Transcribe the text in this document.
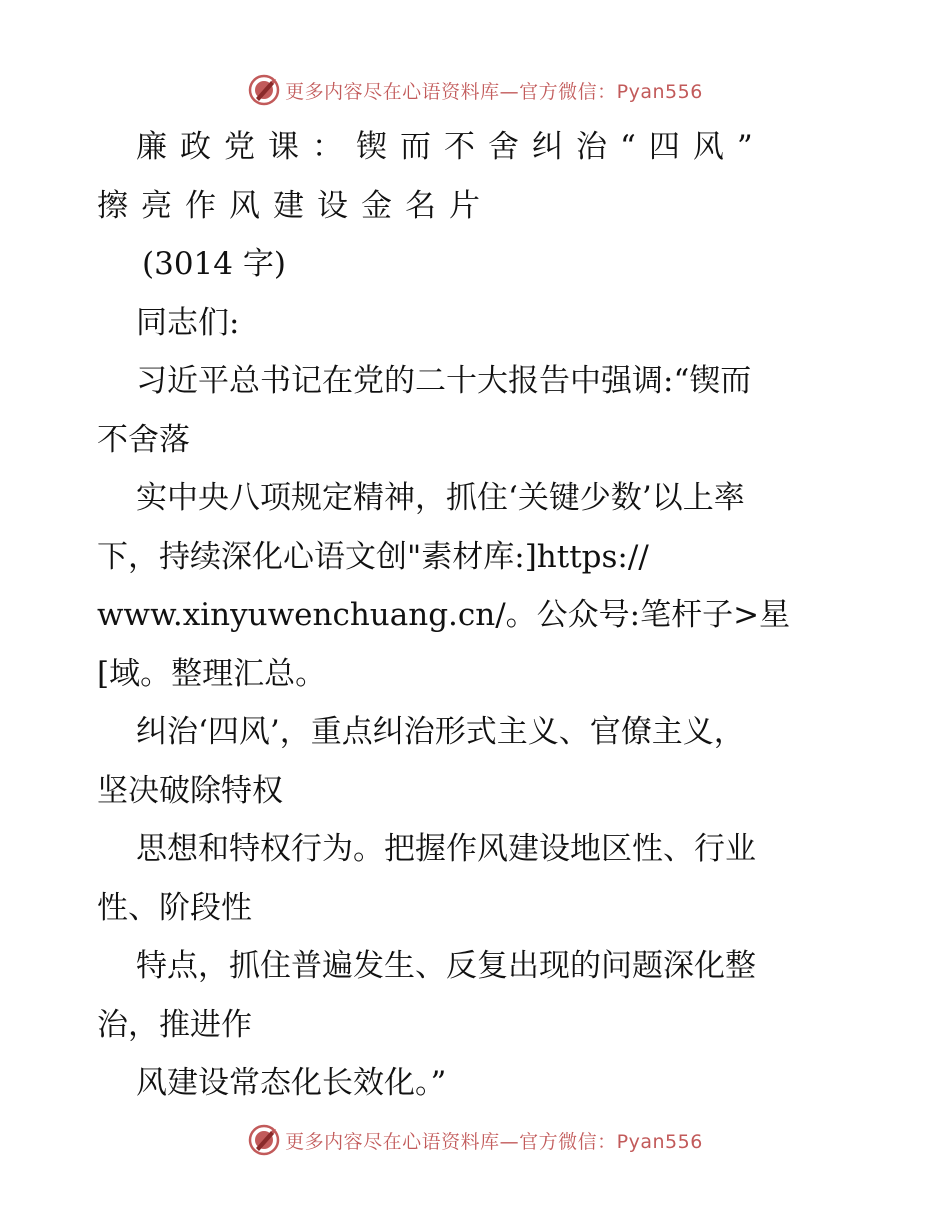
更多内容尽在心语资料库—官方微信：Pyan556
廉政党课：锲而不舍纠治“四风”
擦亮作风建设金名片
(3014 字)
同志们:
习近平总书记在党的二十大报告中强调:“锲而
不舍落
实中央八项规定精神，抓住‘关键少数’以上率
下，持续深化心语文创"素材库:]https://
www.xinyuwenchuang.cn/。公众号:笔杆子>星
[域。整理汇总。
纠治‘四风’，重点纠治形式主义、官僚主义，
坚决破除特权
思想和特权行为。把握作风建设地区性、行业
性、阶段性
特点，抓住普遍发生、反复出现的问题深化整
治，推进作
风建设常态化长效化。”
更多内容尽在心语资料库—官方微信：Pyan556
